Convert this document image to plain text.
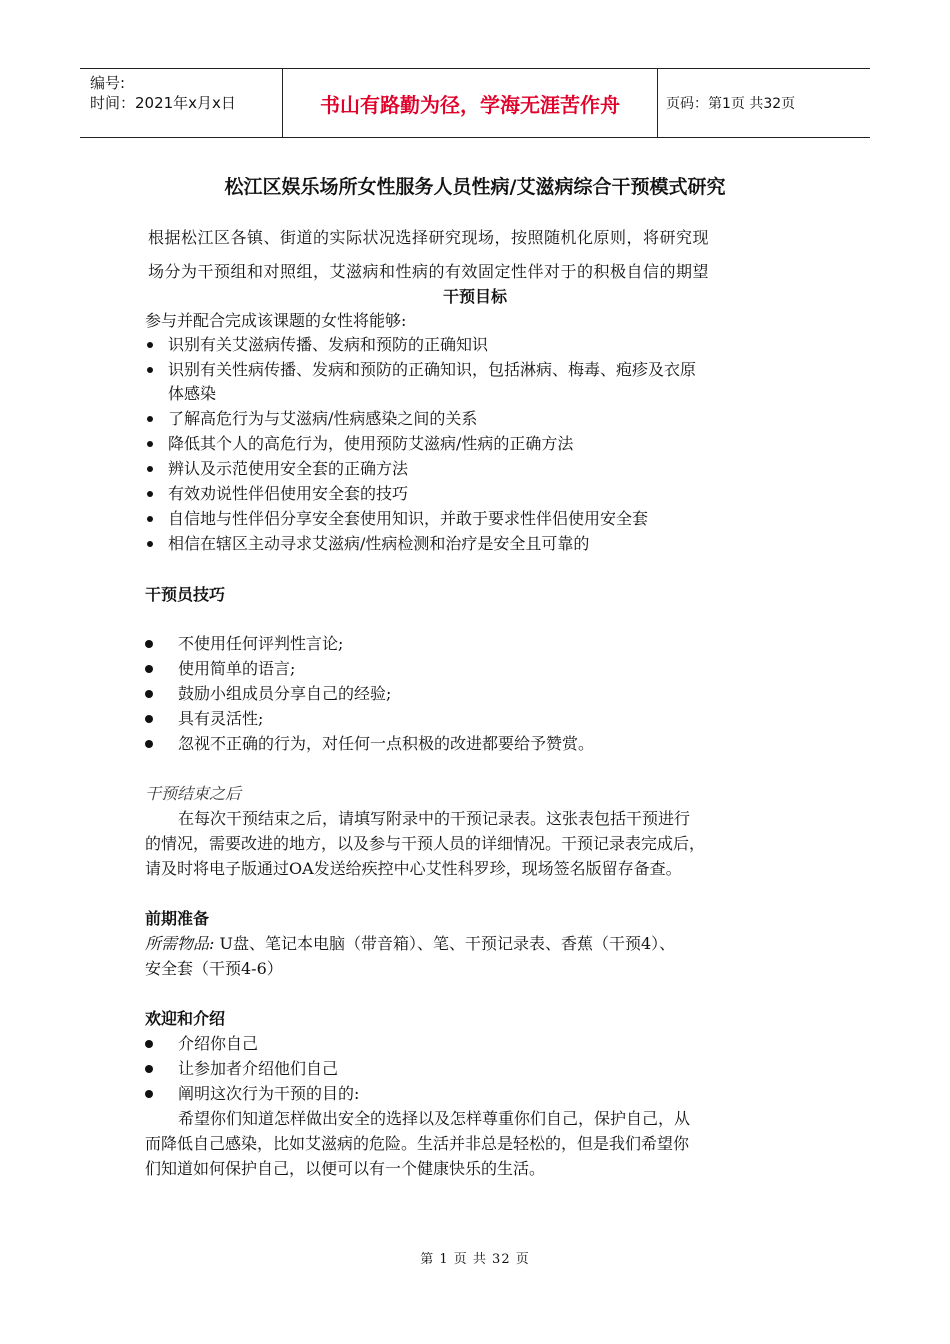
编号:
时间：2021年x月x日	书山有路勤为径，学海无涯苦作舟	页码：第1页 共32页
松江区娱乐场所女性服务人员性病/艾滋病综合干预模式研究
根据松江区各镇、街道的实际状况选择研究现场，按照随机化原则，将研究现
场分为干预组和对照组，艾滋病和性病的有效固定性伴对于的积极自信的期望
干预目标
参与并配合完成该课题的女性将能够:
识别有关艾滋病传播、发病和预防的正确知识
识别有关性病传播、发病和预防的正确知识，包括淋病、梅毒、疱疹及衣原
体感染
了解高危行为与艾滋病/性病感染之间的关系
降低其个人的高危行为，使用预防艾滋病/性病的正确方法
辨认及示范使用安全套的正确方法
有效劝说性伴侣使用安全套的技巧
自信地与性伴侣分享安全套使用知识，并敢于要求性伴侣使用安全套
相信在辖区主动寻求艾滋病/性病检测和治疗是安全且可靠的
干预员技巧
不使用任何评判性言论;
使用简单的语言;
鼓励小组成员分享自己的经验;
具有灵活性;
忽视不正确的行为，对任何一点积极的改进都要给予赞赏。
干预结束之后
在每次干预结束之后，请填写附录中的干预记录表。这张表包括干预进行
的情况，需要改进的地方，以及参与干预人员的详细情况。干预记录表完成后，
请及时将电子版通过OA发送给疾控中心艾性科罗珍，现场签名版留存备查。
前期准备
所需物品: U盘、笔记本电脑（带音箱）、笔、干预记录表、香蕉（干预4）、
安全套（干预4-6）
欢迎和介绍
介绍你自己
让参加者介绍他们自己
阐明这次行为干预的目的:
希望你们知道怎样做出安全的选择以及怎样尊重你们自己，保护自己，从
而降低自己感染，比如艾滋病的危险。生活并非总是轻松的，但是我们希望你
们知道如何保护自己，以便可以有一个健康快乐的生活。
第 1 页 共 32 页
